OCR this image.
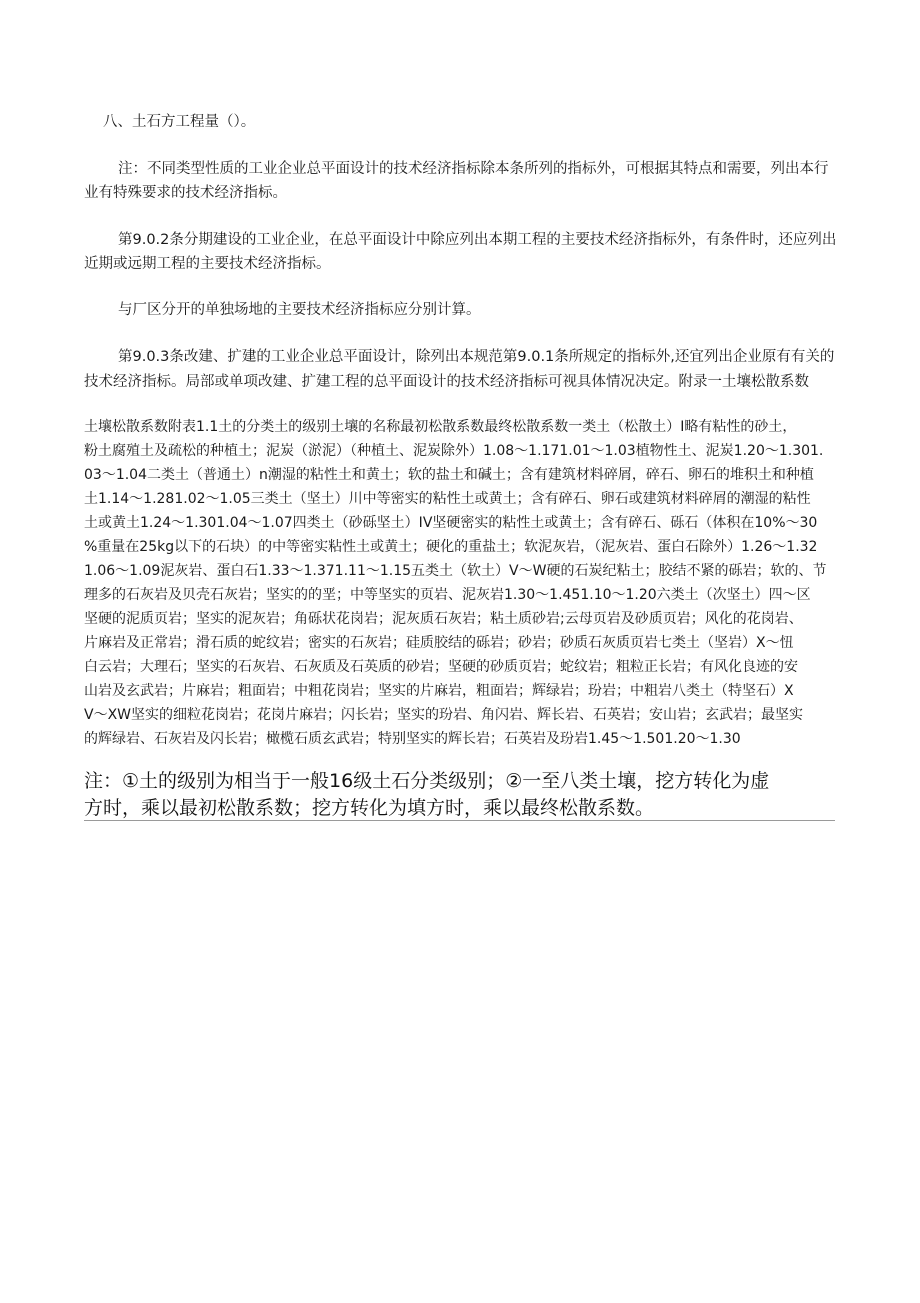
八、土石方工程量（）。
注：不同类型性质的工业企业总平面设计的技术经济指标除本条所列的指标外，可根据其特点和需要，列出本行
业有特殊要求的技术经济指标。
第9.0.2条分期建设的工业企业，在总平面设计中除应列出本期工程的主要技术经济指标外，有条件时，还应列出
近期或远期工程的主要技术经济指标。
与厂区分开的单独场地的主要技术经济指标应分别计算。
第9.0.3条改建、扩建的工业企业总平面设计，除列出本规范第9.0.1条所规定的指标外,还宜列出企业原有有关的
技术经济指标。局部或单项改建、扩建工程的总平面设计的技术经济指标可视具体情况决定。附录一土壤松散系数
土壤松散系数附表1.1土的分类土的级别土壤的名称最初松散系数最终松散系数一类土（松散土）I略有粘性的砂土，
粉土腐殖土及疏松的种植土；泥炭（淤泥）（种植土、泥炭除外）1.08～1.171.01～1.03植物性土、泥炭1.20～1.301.
03～1.04二类土（普通土）n潮湿的粘性土和黄土；软的盐土和碱土；含有建筑材料碎屑，碎石、卵石的堆积土和种植
土1.14～1.281.02～1.05三类土（坚土）川中等密实的粘性土或黄土；含有碎石、卵石或建筑材料碎屑的潮湿的粘性
土或黄土1.24～1.301.04～1.07四类土（砂砾坚土）IV坚硬密实的粘性土或黄土；含有碎石、砾石（体积在10%～30
%重量在25kg以下的石块）的中等密实粘性土或黄土；硬化的重盐土；软泥灰岩，（泥灰岩、蛋白石除外）1.26～1.32
1.06～1.09泥灰岩、蛋白石1.33～1.371.11～1.15五类土（软土）V～W硬的石炭纪粘土；胶结不紧的砾岩；软的、节
理多的石灰岩及贝壳石灰岩；坚实的的垩；中等坚实的页岩、泥灰岩1.30～1.451.10～1.20六类土（次坚土）四～区
坚硬的泥质页岩；坚实的泥灰岩；角砾状花岗岩；泥灰质石灰岩；粘土质砂岩;云母页岩及砂质页岩；风化的花岗岩、
片麻岩及正常岩；滑石质的蛇纹岩；密实的石灰岩；硅质胶结的砾岩；砂岩；砂质石灰质页岩七类土（坚岩）X～忸
白云岩；大理石；坚实的石灰岩、石灰质及石英质的砂岩；坚硬的砂质页岩；蛇纹岩；粗粒正长岩；有风化良迹的安
山岩及玄武岩；片麻岩；粗面岩；中粗花岗岩；坚实的片麻岩，粗面岩；辉绿岩；玢岩；中粗岩八类土（特坚石）X
V～XW坚实的细粒花岗岩；花岗片麻岩；闪长岩；坚实的玢岩、角闪岩、辉长岩、石英岩；安山岩；玄武岩；最坚实
的辉绿岩、石灰岩及闪长岩；橄榄石质玄武岩；特别坚实的辉长岩；石英岩及玢岩1.45～1.501.20～1.30
注：①土的级别为相当于一般16级土石分类级别；②一至八类土壤，挖方转化为虚
方时，乘以最初松散系数；挖方转化为填方时，乘以最终松散系数。
